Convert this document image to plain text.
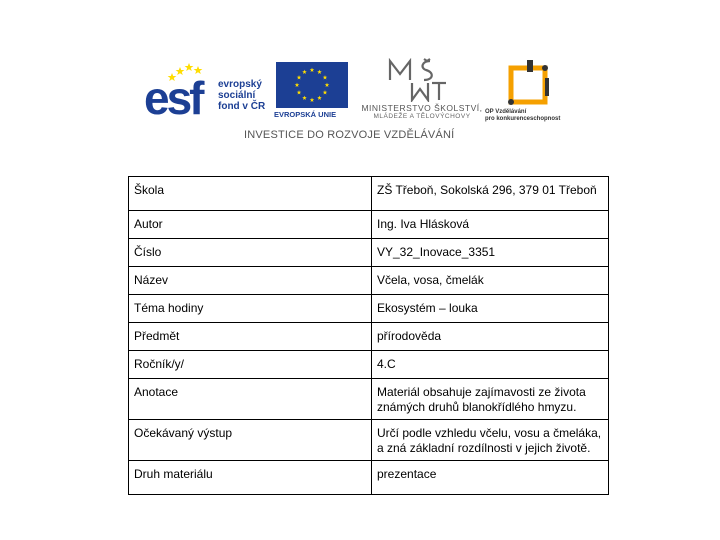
esf evropský
sociální
fond v ČR
EVROPSKÁ UNIE
MINISTERSTVO ŠKOLSTVÍ,
MLÁDEŽE A TĚLOVÝCHOVY
OP Vzdělávání
pro konkurenceschopnost
INVESTICE DO ROZVOJE VZDĚLÁVÁNÍ
Škola	ZŠ Třeboň, Sokolská 296, 379 01 Třeboň
Autor	Ing. Iva Hlásková
Číslo	VY_32_Inovace_3351
Název	Včela, vosa, čmelák
Téma hodiny	Ekosystém – louka
Předmět	přírodověda
Ročník/y/	4.C
Anotace	Materiál obsahuje zajímavosti ze života známých druhů blanokřídlého hmyzu.
Očekávaný výstup	Určí podle vzhledu včelu, vosu a čmeláka, a zná základní rozdílnosti v jejich životě.
Druh materiálu	prezentace
